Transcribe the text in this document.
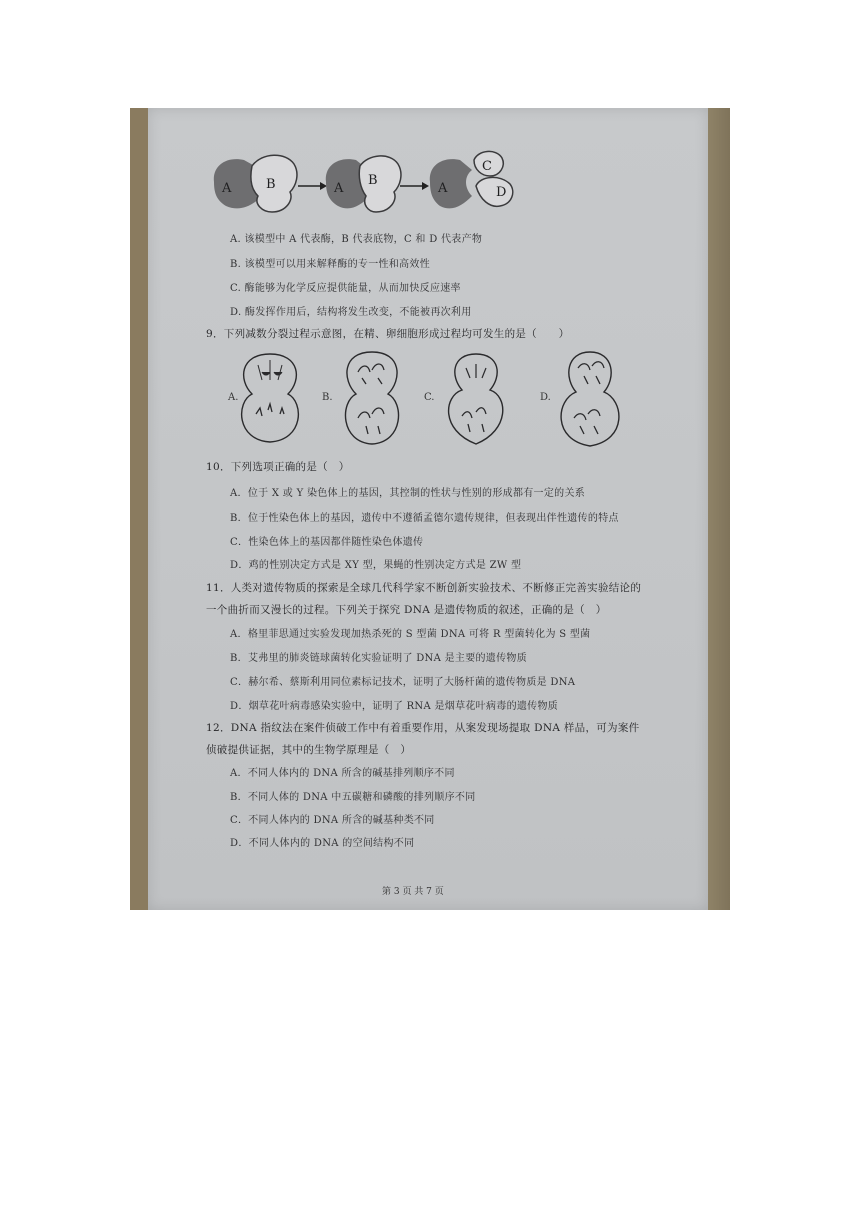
A	B	A
B
A
C
D
A. 该模型中 A 代表酶，B 代表底物，C 和 D 代表产物
B. 该模型可以用来解释酶的专一性和高效性
C. 酶能够为化学反应提供能量，从而加快反应速率
D. 酶发挥作用后，结构将发生改变，不能被再次利用
9．下列减数分裂过程示意图，在精、卵细胞形成过程均可发生的是（　　）
A.	B.	C.	D.
10．下列选项正确的是（　）
A．位于 X 或 Y 染色体上的基因，其控制的性状与性别的形成都有一定的关系
B．位于性染色体上的基因，遗传中不遵循孟德尔遗传规律，但表现出伴性遗传的特点
C．性染色体上的基因都伴随性染色体遗传
D．鸡的性别决定方式是 XY 型，果蝇的性别决定方式是 ZW 型
11．人类对遗传物质的探索是全球几代科学家不断创新实验技术、不断修正完善实验结论的
一个曲折而又漫长的过程。下列关于探究 DNA 是遗传物质的叙述，正确的是（　）
A．格里菲思通过实验发现加热杀死的 S 型菌 DNA 可将 R 型菌转化为 S 型菌
B．艾弗里的肺炎链球菌转化实验证明了 DNA 是主要的遗传物质
C．赫尔希、蔡斯利用同位素标记技术，证明了大肠杆菌的遗传物质是 DNA
D．烟草花叶病毒感染实验中，证明了 RNA 是烟草花叶病毒的遗传物质
12．DNA 指纹法在案件侦破工作中有着重要作用，从案发现场提取 DNA 样品，可为案件
侦破提供证据，其中的生物学原理是（　）
A．不同人体内的 DNA 所含的碱基排列顺序不同
B．不同人体的 DNA 中五碳糖和磷酸的排列顺序不同
C．不同人体内的 DNA 所含的碱基种类不同
D．不同人体内的 DNA 的空间结构不同
第 3 页 共 7 页
